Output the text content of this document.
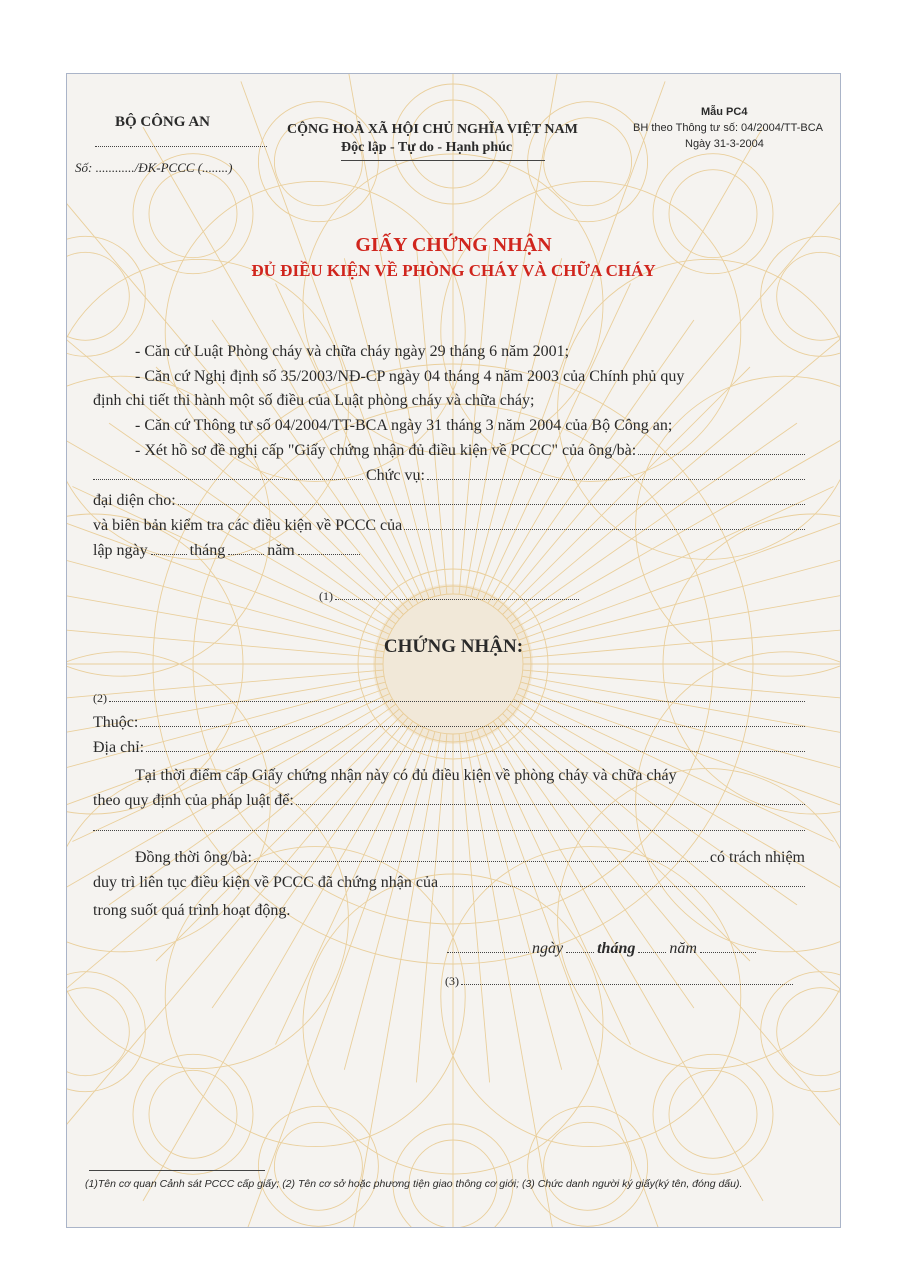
BỘ CÔNG AN
Số: ............/ĐK-PCCC (........)
CỘNG HOÀ XÃ HỘI CHỦ NGHĨA VIỆT NAM
Độc lập - Tự do - Hạnh phúc
Mẫu PC4
BH theo Thông tư số: 04/2004/TT-BCA
Ngày 31-3-2004
GIẤY CHỨNG NHẬN
ĐỦ ĐIỀU KIỆN VỀ PHÒNG CHÁY VÀ CHỮA CHÁY
- Căn cứ Luật Phòng cháy và chữa cháy ngày 29 tháng 6 năm 2001;
- Căn cứ Nghị định số 35/2003/NĐ-CP ngày 04 tháng 4 năm 2003 của Chính phủ quy
định chi tiết thi hành một số điều của Luật phòng cháy và chữa cháy;
- Căn cứ Thông tư số 04/2004/TT-BCA ngày 31 tháng 3 năm 2004 của Bộ Công an;
- Xét hồ sơ đề nghị cấp "Giấy chứng nhận đủ điều kiện về PCCC" của ông/bà:
Chức vụ:
đại diện cho:
và biên bản kiểm tra các điều kiện về PCCC của
lập ngày	tháng	năm
(1)
CHỨNG NHẬN:
(2)
Thuộc:
Địa chỉ:
Tại thời điểm cấp Giấy chứng nhận này có đủ điều kiện về phòng cháy và chữa cháy
theo quy định của pháp luật để:
Đồng thời ông/bà:	có trách nhiệm
duy trì liên tục điều kiện về PCCC đã chứng nhận của
trong suốt quá trình hoạt động.
ngày tháng năm
(3)
(1)Tên cơ quan Cảnh sát PCCC cấp giấy; (2) Tên cơ sở hoặc phương tiện giao thông cơ giới; (3) Chức danh người ký giấy(ký tên, đóng dấu).
